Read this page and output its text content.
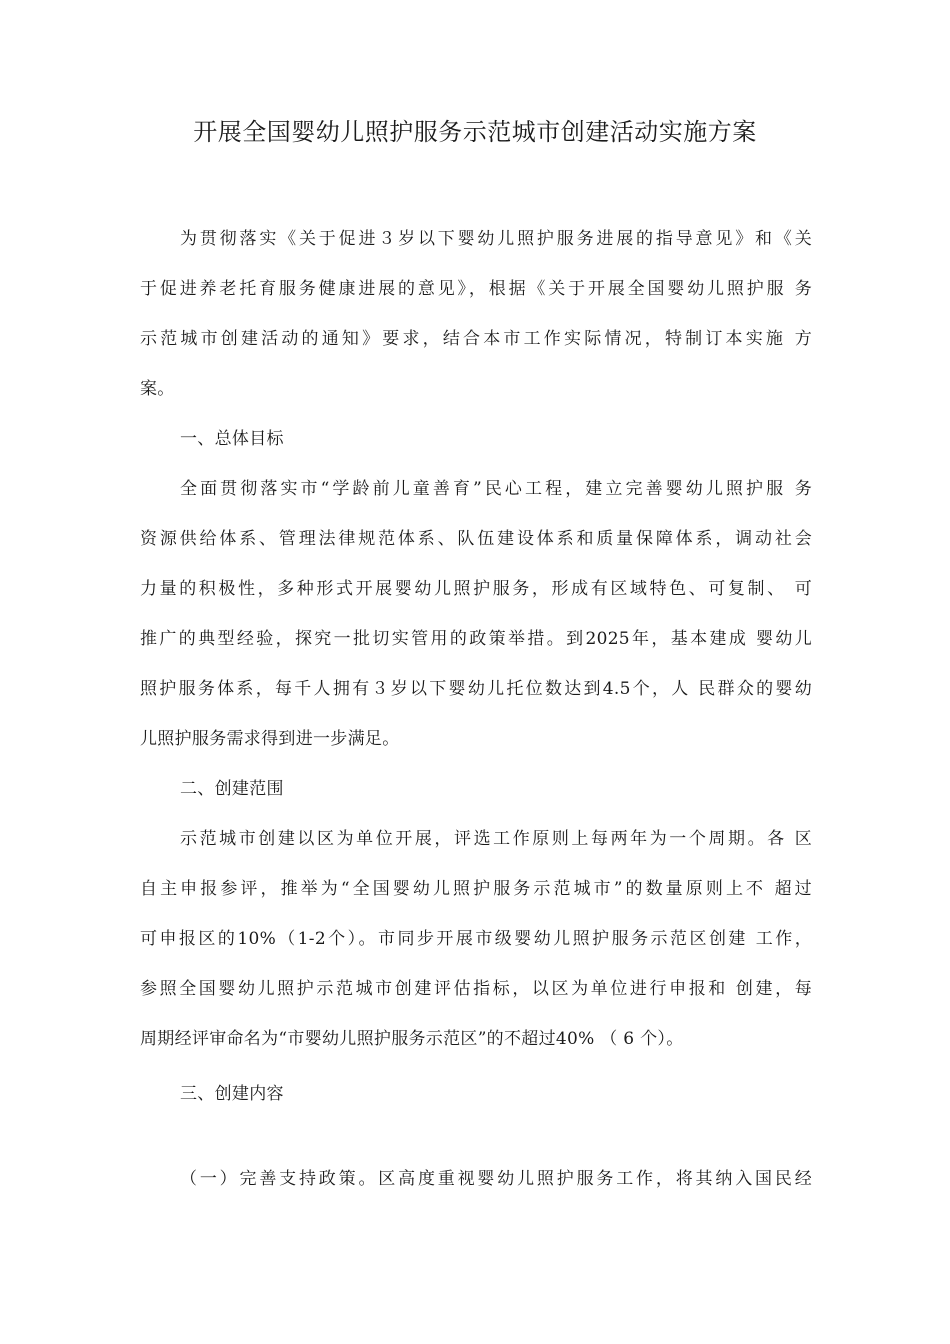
开展全国婴幼儿照护服务示范城市创建活动实施方案
为贯彻落实《关于促进３岁以下婴幼儿照护服务进展的指导意见》和《关
于促进养老托育服务健康进展的意见》，根据《关于开展全国婴幼儿照护服 务
示范城市创建活动的通知》要求，结合本市工作实际情况，特制订本实施 方
案。
一、总体目标
全面贯彻落实市“学龄前儿童善育”民心工程，建立完善婴幼儿照护服 务
资源供给体系、管理法律规范体系、队伍建设体系和质量保障体系，调动社会
力量的积极性，多种形式开展婴幼儿照护服务，形成有区域特色、可复制、 可
推广的典型经验，探究一批切实管用的政策举措。到2025年，基本建成 婴幼儿
照护服务体系，每千人拥有３岁以下婴幼儿托位数达到4.5个，人 民群众的婴幼
儿照护服务需求得到进一步满足。
二、创建范围
示范城市创建以区为单位开展，评选工作原则上每两年为一个周期。各 区
自主申报参评，推举为“全国婴幼儿照护服务示范城市”的数量原则上不 超过
可申报区的10%（1-2个）。市同步开展市级婴幼儿照护服务示范区创建 工作，
参照全国婴幼儿照护示范城市创建评估指标，以区为单位进行申报和 创建，每
周期经评审命名为“市婴幼儿照护服务示范区”的不超过40% （ 6 个）。
三、创建内容
（一）完善支持政策。区高度重视婴幼儿照护服务工作，将其纳入国民经
